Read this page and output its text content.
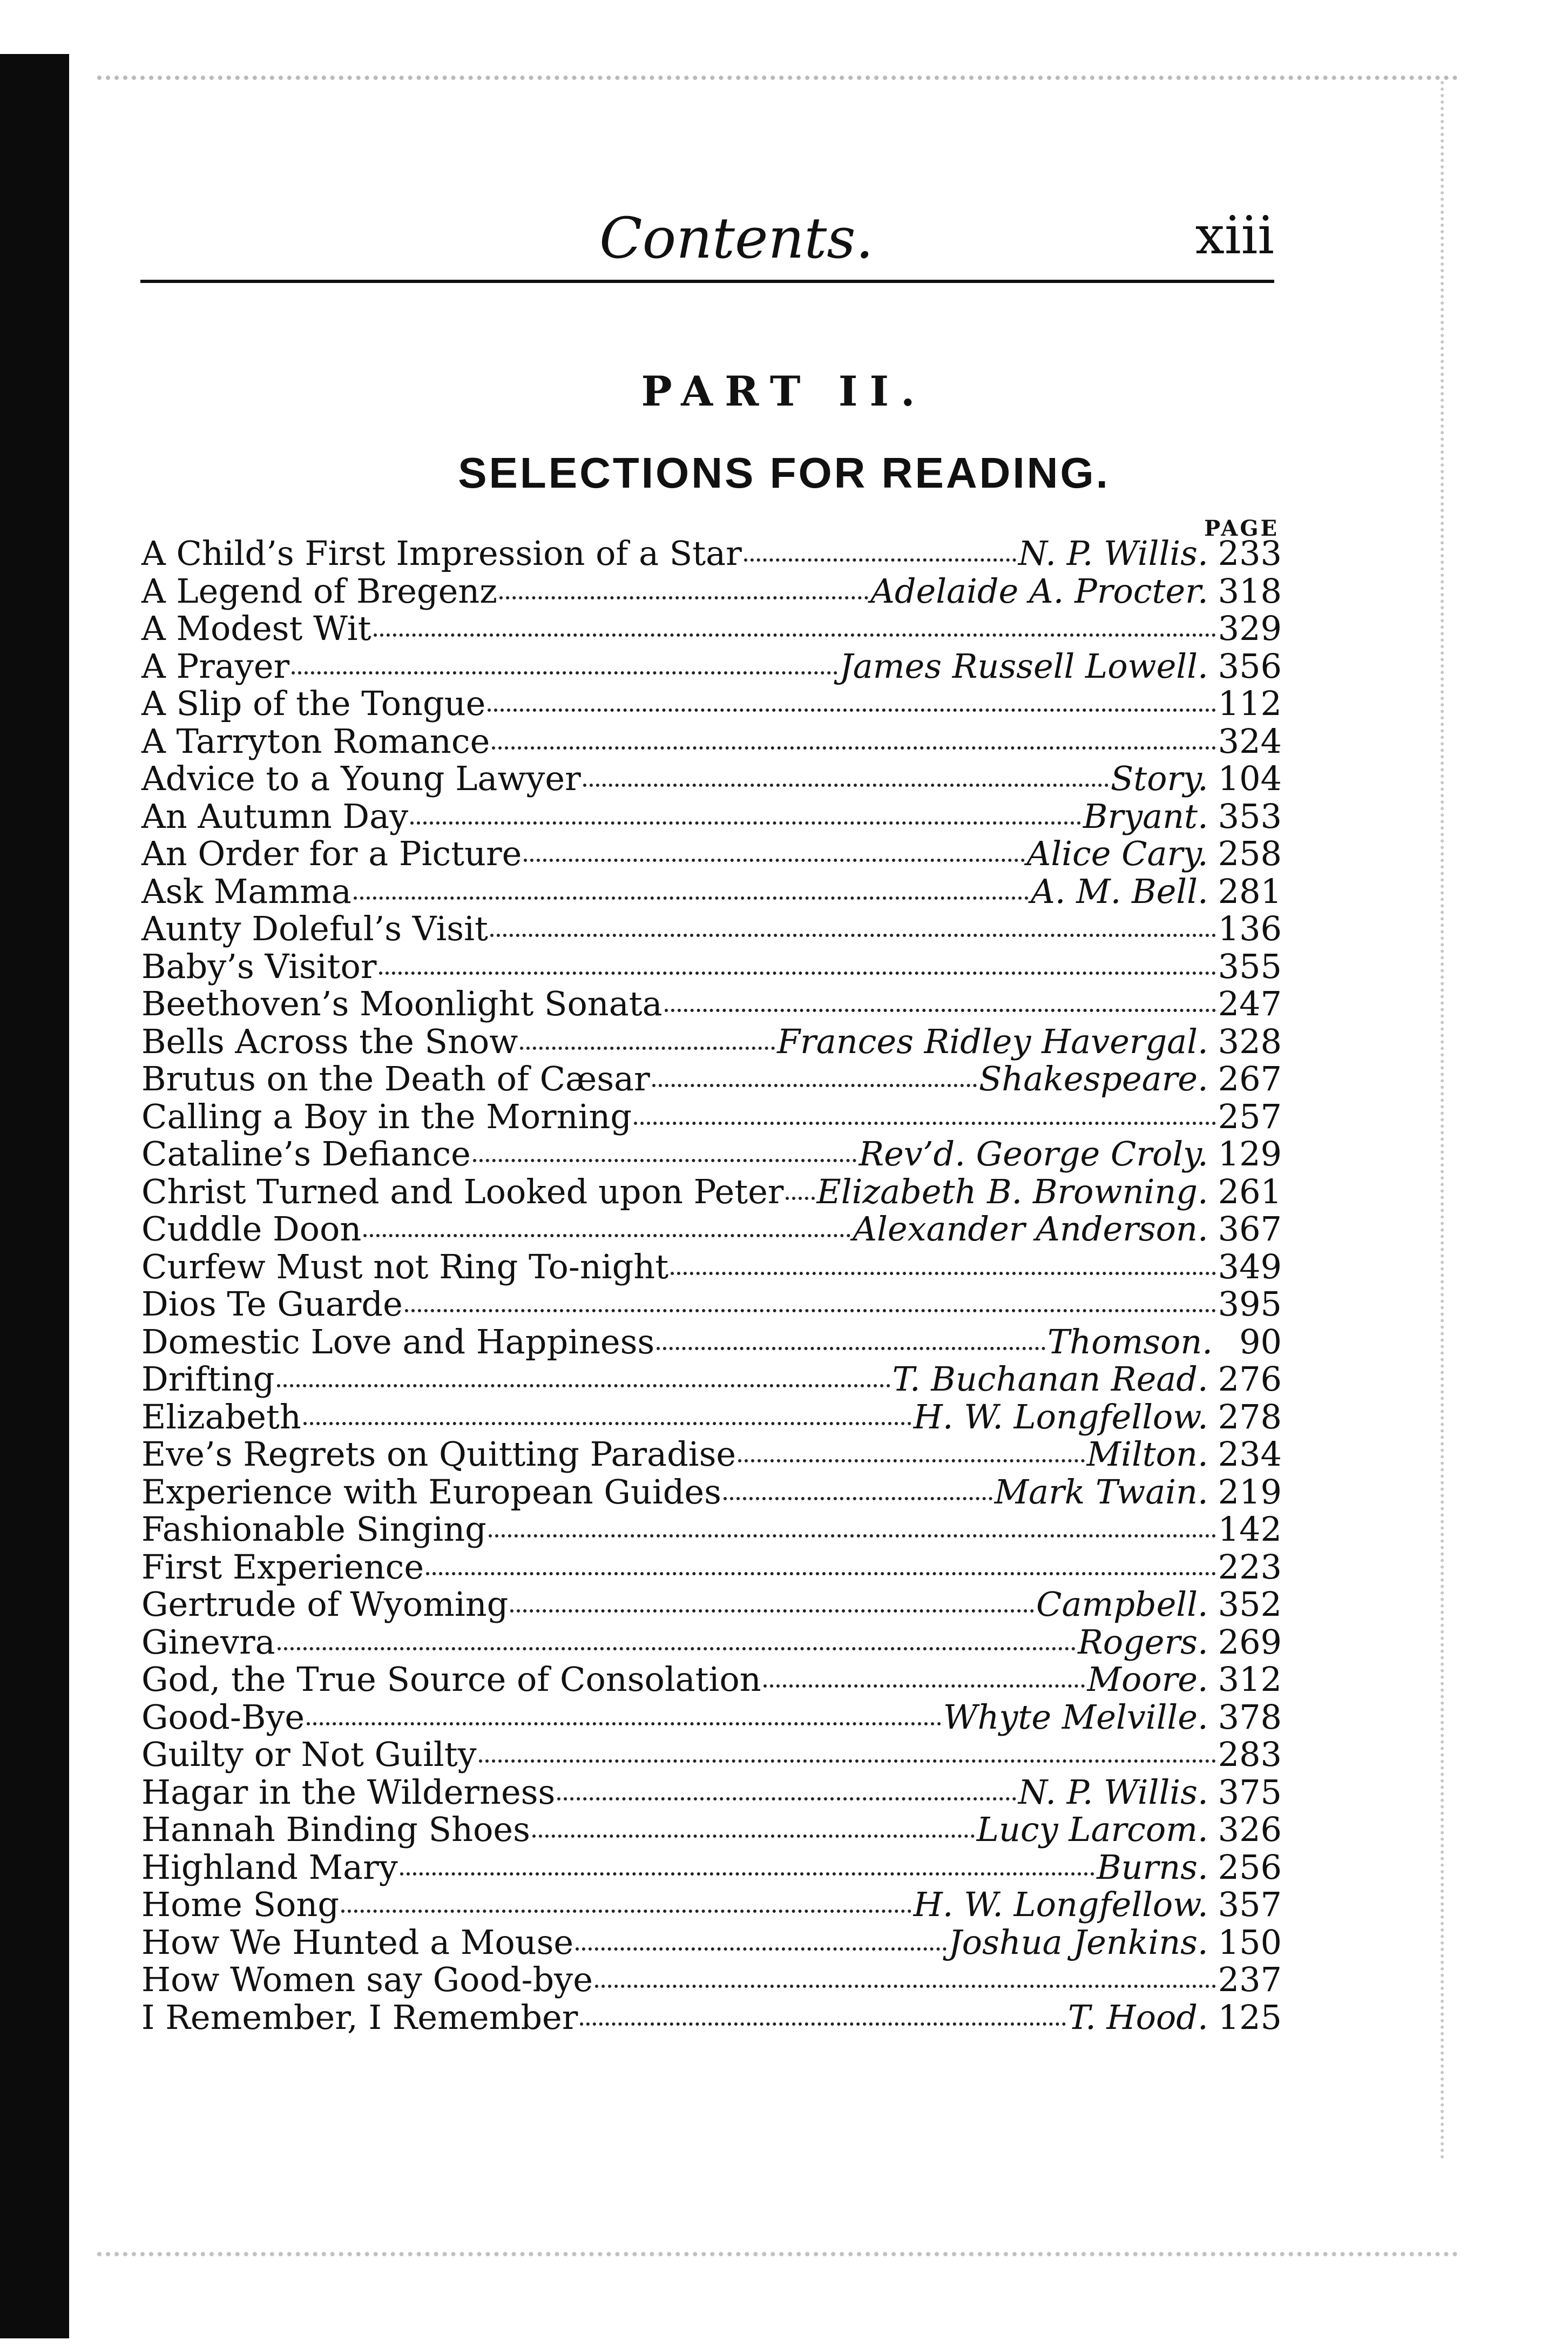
Contents.	xiii
PART II.
SELECTIONS FOR READING.
PAGE
A Child’s First Impression of a Star	N. P. Willis. 233
A Legend of Bregenz	Adelaide A. Procter. 318
A Modest Wit	329
A Prayer	James Russell Lowell. 356
A Slip of the Tongue	112
A Tarryton Romance	324
Advice to a Young Lawyer	Story. 104
An Autumn Day	Bryant. 353
An Order for a Picture	Alice Cary. 258
Ask Mamma	A. M. Bell. 281
Aunty Doleful’s Visit	136
Baby’s Visitor	355
Beethoven’s Moonlight Sonata	247
Bells Across the Snow	Frances Ridley Havergal. 328
Brutus on the Death of Cæsar	Shakespeare. 267
Calling a Boy in the Morning	257
Cataline’s Defiance	Rev’d. George Croly. 129
Christ Turned and Looked upon Peter Elizabeth B. Browning. 261
Cuddle Doon	Alexander Anderson. 367
Curfew Must not Ring To-night	349
Dios Te Guarde	395
Domestic Love and Happiness	Thomson. 90
Drifting	T. Buchanan Read. 276
Elizabeth	H. W. Longfellow. 278
Eve’s Regrets on Quitting Paradise	Milton. 234
Experience with European Guides	Mark Twain. 219
Fashionable Singing	142
First Experience	223
Gertrude of Wyoming	Campbell. 352
Ginevra	Rogers. 269
God, the True Source of Consolation	Moore. 312
Good-Bye	Whyte Melville. 378
Guilty or Not Guilty	283
Hagar in the Wilderness	N. P. Willis. 375
Hannah Binding Shoes	Lucy Larcom. 326
Highland Mary	Burns. 256
Home Song	H. W. Longfellow. 357
How We Hunted a Mouse	Joshua Jenkins. 150
How Women say Good-bye	237
I Remember, I Remember	T. Hood. 125
